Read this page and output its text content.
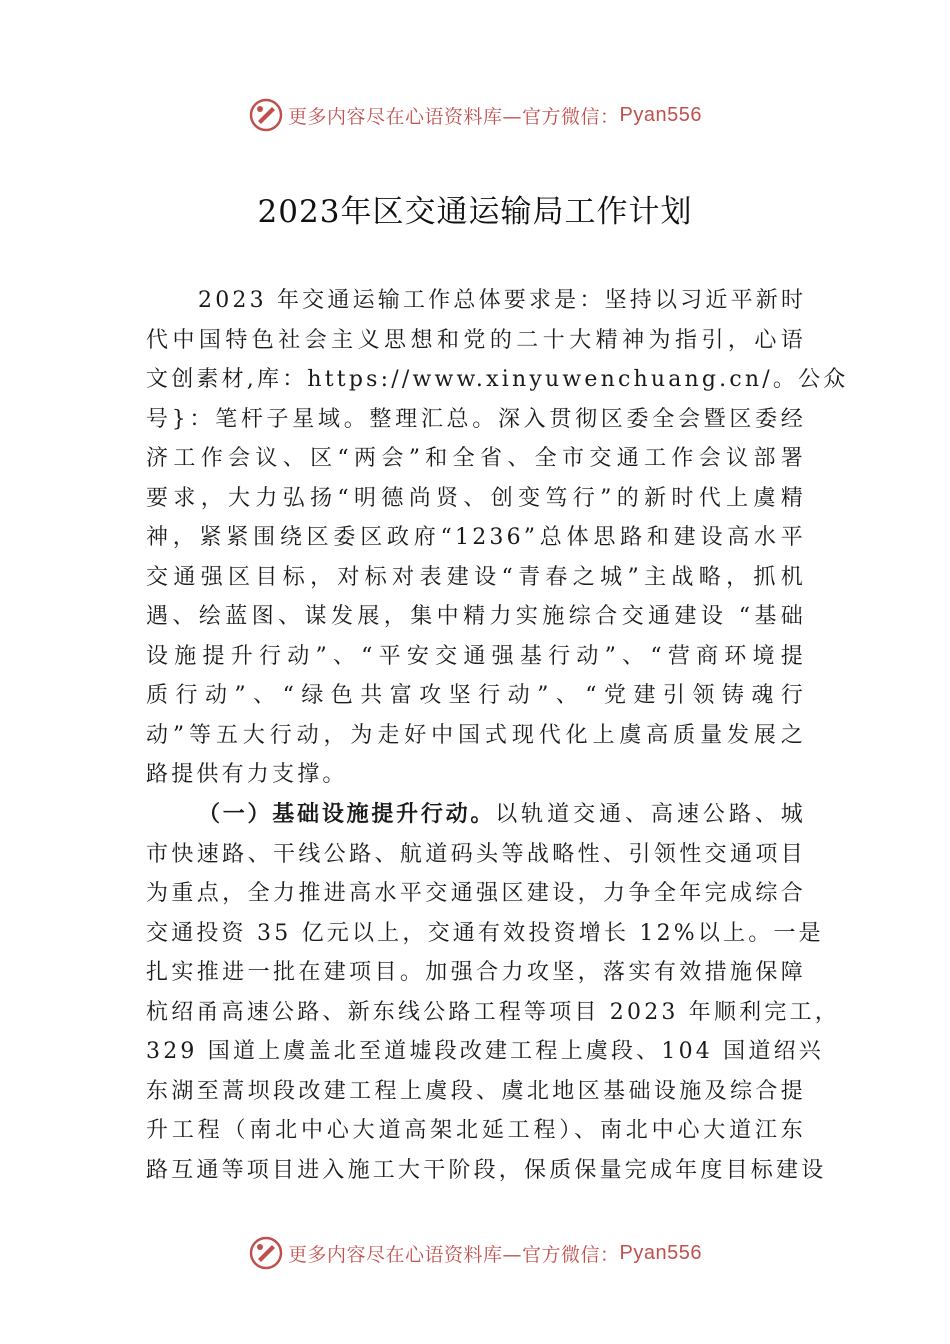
更多内容尽在心语资料库 —官方微信： Pyan556
2023年区交通运输局工作计划
2023 年交通运输工作总体要求是：坚持以习近平新时
代中国特色社会主义思想和党的二十大精神为指引，心语
文创素材,库：https://www.xinyuwenchuang.cn/。公众
号}：笔杆子星域。整理汇总。深入贯彻区委全会暨区委经
济工作会议、区“两会”和全省、全市交通工作会议部署
要求，大力弘扬“明德尚贤、创变笃行”的新时代上虞精
神，紧紧围绕区委区政府“1236”总体思路和建设高水平
交通强区目标，对标对表建设“青春之城”主战略，抓机
遇、绘蓝图、谋发展，集中精力实施综合交通建设 “基础
设施提升行动”、“平安交通强基行动”、“营商环境提
质行动”、“绿色共富攻坚行动”、“党建引领铸魂行
动”等五大行动，为走好中国式现代化上虞高质量发展之
路提供有力支撑。
（一）基础设施提升行动。以轨道交通、高速公路、城
市快速路、干线公路、航道码头等战略性、引领性交通项目
为重点，全力推进高水平交通强区建设，力争全年完成综合
交通投资 35 亿元以上，交通有效投资增长 12%以上。一是
扎实推进一批在建项目。加强合力攻坚，落实有效措施保障
杭绍甬高速公路、新东线公路工程等项目 2023 年顺利完工，
329 国道上虞盖北至道墟段改建工程上虞段、104 国道绍兴
东湖至蒿坝段改建工程上虞段、虞北地区基础设施及综合提
升工程（南北中心大道高架北延工程）、南北中心大道江东
路互通等项目进入施工大干阶段，保质保量完成年度目标建设
更多内容尽在心语资料库 —官方微信： Pyan556
